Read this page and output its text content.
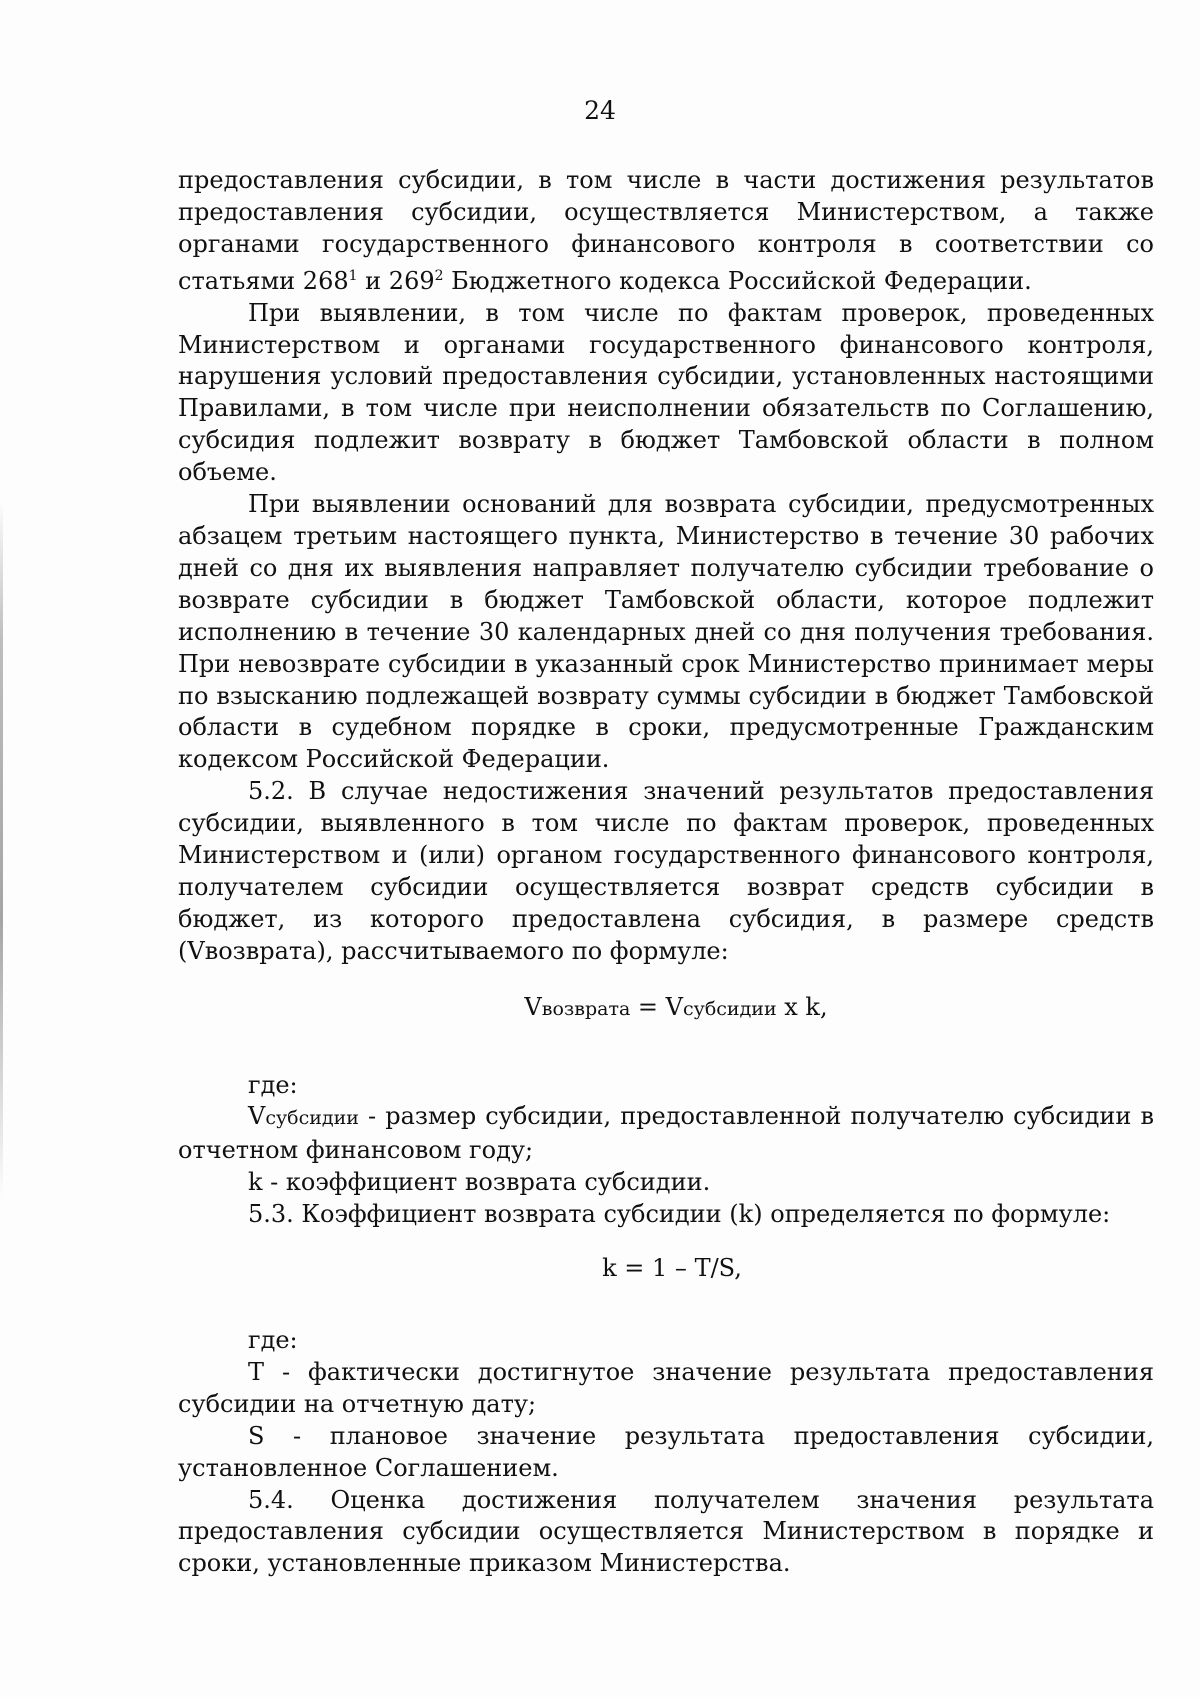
24

предоставления субсидии, в том числе в части достижения результатов предоставления субсидии, осуществляется Министерством, а также органами государственного финансового контроля в соответствии со статьями $268^1$ и $269^2$ Бюджетного кодекса Российской Федерации.

При выявлении, в том числе по фактам проверок, проведенных Министерством и органами государственного финансового контроля, нарушения условий предоставления субсидии, установленных настоящими Правилами, в том числе при неисполнении обязательств по Соглашению, субсидия подлежит возврату в бюджет Тамбовской области в полном объеме.

При выявлении оснований для возврата субсидии, предусмотренных абзацем третьим настоящего пункта, Министерство в течение 30 рабочих дней со дня их выявления направляет получателю субсидии требование о возврате субсидии в бюджет Тамбовской области, которое подлежит исполнению в течение 30 календарных дней со дня получения требования. При невозврате субсидии в указанный срок Министерство принимает меры по взысканию подлежащей возврату суммы субсидии в бюджет Тамбовской области в судебном порядке в сроки, предусмотренные Гражданским кодексом Российской Федерации.

5.2. В случае недостижения значений результатов предоставления субсидии, выявленного в том числе по фактам проверок, проведенных Министерством и (или) органом государственного финансового контроля, получателем субсидии осуществляется возврат средств субсидии в бюджет, из которого предоставлена субсидия, в размере средств (Vвозврата), рассчитываемого по формуле:

Vвозврата = Vсубсидии x k,

где:

Vсубсидии - размер субсидии, предоставленной получателю субсидии в отчетном финансовом году;

k - коэффициент возврата субсидии.

5.3. Коэффициент возврата субсидии (k) определяется по формуле:

k = 1 – T/S,

где:

T - фактически достигнутое значение результата предоставления субсидии на отчетную дату;

S - плановое значение результата предоставления субсидии, установленное Соглашением.

5.4. Оценка достижения получателем значения результата предоставления субсидии осуществляется Министерством в порядке и сроки, установленные приказом Министерства.
